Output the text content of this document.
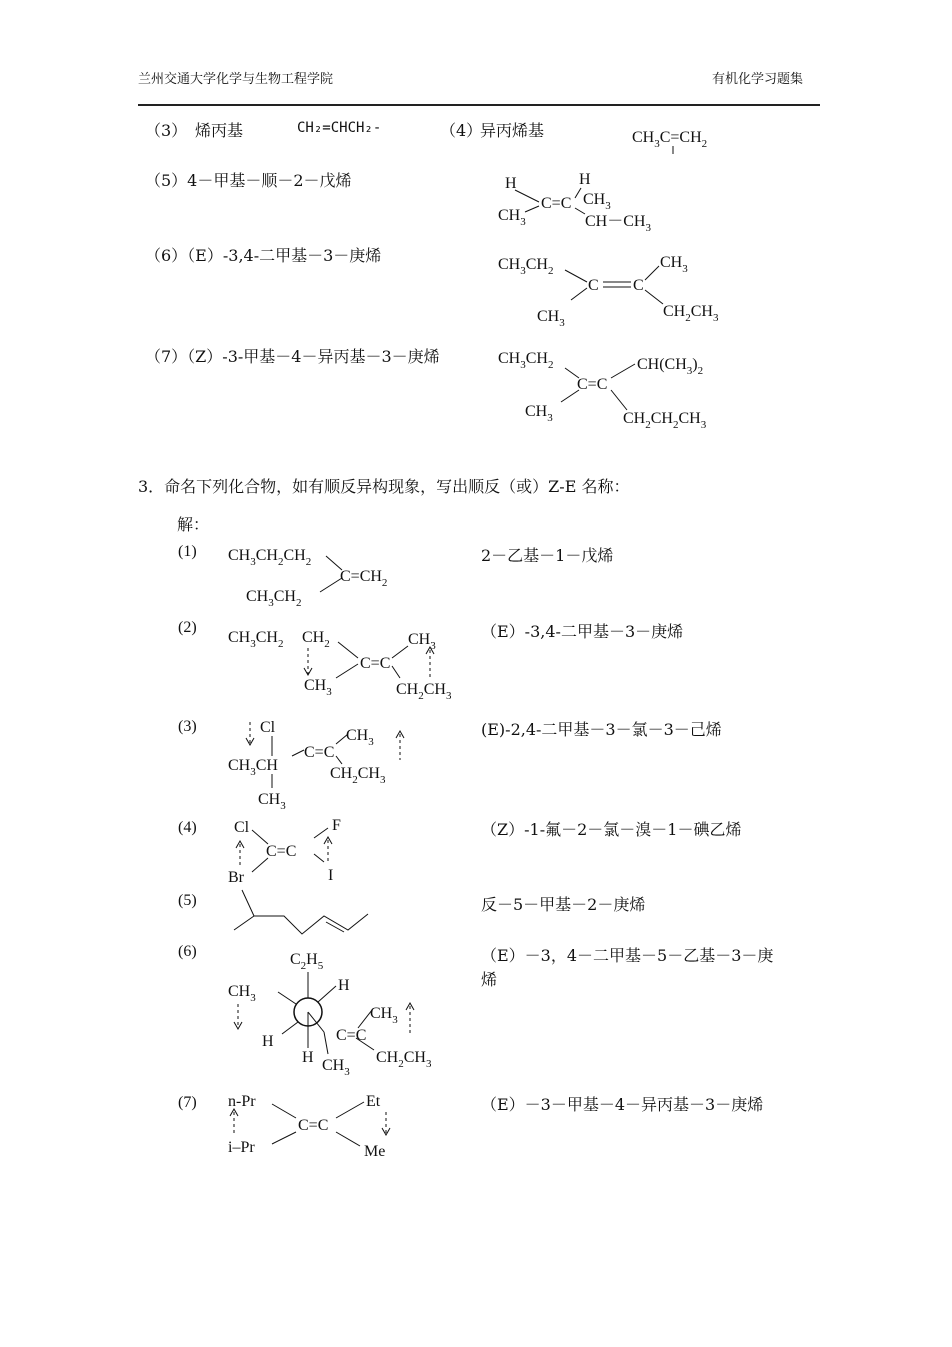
兰州交通大学化学与生物工程学院	有机化学习题集
（3） 烯丙基	CH₂=CHCH₂-	（4）
异丙烯基	$CH_3C=CH_2$
（5）4－甲基－顺－2－戊烯	H	H
$CH_3$
C=C $CH_3$
$CH-CH_3$
（6）（E）-3,4-二甲基－3－庚烯	$CH_3CH_2$
$CH_3$
C C
$CH_3$
$CH_2CH_3$
（7）（Z）-3-甲基－4－异丙基－3－庚烯	$CH_3CH_2$	$CH(CH_3)_2$
C=C
$CH_3$	$CH_2CH_2CH_3$
3．命名下列化合物，如有顺反异构现象，写出顺反（或）Z-E 名称：
解：
(1) $CH_3CH_2CH_2$
$C=CH_2$
$CH_3CH_2$
2－乙基－1－戊烯
(2)
$CH_3CH_2$ $CH_2$
$CH_3$
C=C
$CH_3$
$CH_2CH_3$
（E）-3,4-二甲基－3－庚烯
(3)	Cl	$CH_3$
C=C
$CH_3CH$	$CH_2CH_3$
$CH_3$
(E)-2,4-二甲基－3－氯－3－己烯
(4) Cl	F
C=C
Br	I
（Z）-1-氟－2－氯－溴－1－碘乙烯
(5)	反－5－甲基－2－庚烯
(6)	$C_2H_5$
$CH_3$
H
$CH_3$
C=C
H
H	$CH_2CH_3$
$CH_3$
（E）－3，4－二甲基－5－乙基－3－庚
烯
(7) n-Pr	Et
C=C
i–Pr	Me
（E）－3－甲基－4－异丙基－3－庚烯
